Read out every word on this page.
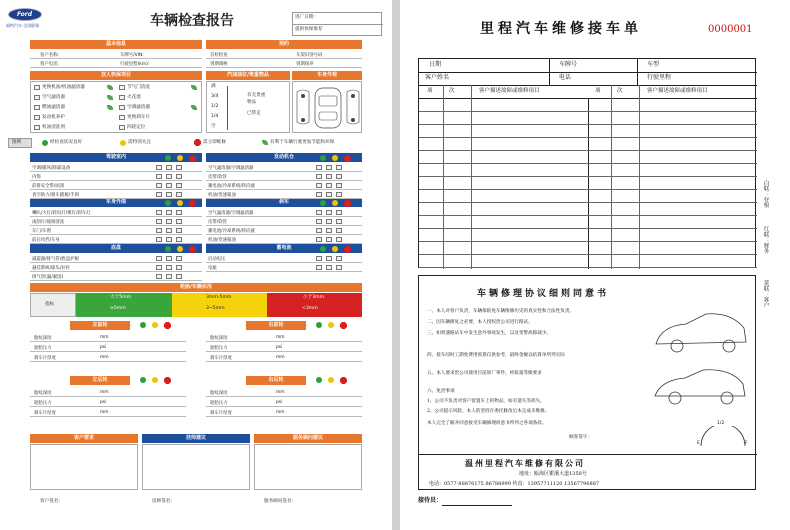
Ford
福特汽车·全国联保	车辆检查报告	进厂日期:
提供快保推荐
基本信息	预约
客户名称:	车牌号/VIN:
客户电话:	行驶里程(km):
首检检查	车架识别号码
到期调换	到期保养
双人快保项目	汽油油位/贵重物品	车身外观
更换机油/机油滤清器
空气滤清器
燃油滤清器
发动机养护
机油清洗剂
节气门清洗
火花塞
空调滤清器
更换刹车片
四轮定位
满
3/4
1/2
1/4
空
有无贵重
物品
已带走
图例	经检查状况良好	需特别关注	需立即维修	有利于车辆行驶更加节能和环保
驾驶室内	发动机仓
车身外围	刹车
底盘	蓄电池
轮胎/车辆状况
指标
大于5mm	3mm-5mm	小于3mm
≥5mm	3~5mm	<3mm
客户要求	技师建议	服务顾问建议
客户签名:	技师签名:	服务顾问签名:
空调/暖风/除霜设备
内饰
前排安全带/雨刮
真空助力/刹车踏板/手刹
喇叭/大灯/转向灯/雾灯/刹车灯
雨刮片/玻璃清洗
车门/车窗
前后风挡/车身
减震器/排气管/底盘护板
悬挂系统/球头/拉杆
排气管(漏/紧固)
空气滤清器/空调滤清器
皮带/软管
蓄电池/冷却系统/转向液
机油/变速箱油
空气滤清器/空调滤清器
皮带/软管
蓄电池/冷却系统/转向液
机油/变速箱油
启动电压
电瓶
左前轮
胎纹深度	mm
轮胎压力	psi
刹车片厚度	mm
右前轮
胎纹深度	mm
轮胎压力	psi
刹车片厚度	mm
左后轮
胎纹深度	mm
轮胎压力	psi
刹车片厚度	mm
右后轮
胎纹深度	mm
轮胎压力	psi
刹车片厚度	mm
里程汽车维修接车单	0000001
日期	车牌号	车型
客户姓名	电话	行驶里程
项	次	客户描述故障或维修项目	项	次	客户描述故障或维修项目
白联：存根
红联：财务
黄联：客户
车辆修理协议细则同意书
一、本人对客户负责，车辆保险免车辆维修历史的真实性和合法性负责。
二、因车辆修复之必要，本人授权贵公司进行路试。
三、如果遇路试车中发生意外事故发生，以及变警故障减少。
四、接车同时工期免费用预算仅供参考，最终金额以结算单所列实际
五、本人要求贵公司使用目前原厂零件，经质量等级要求
六、免责事项
1、公司不负责对客户留置车上的物品，如有遗失等损失。
2、公司提示风险，本人的坚持在委托修改后本完成未维修。
本人完全了解并同意接受车辆修理同意书所列之各项条款。
顾客签字：
E
1/2
F
温州里程汽车维修有限公司
地址：瓯海区瞿溪大道1350号
电话：0577-88876175 86788999 传真：13957711120 13567796887
接待员：
